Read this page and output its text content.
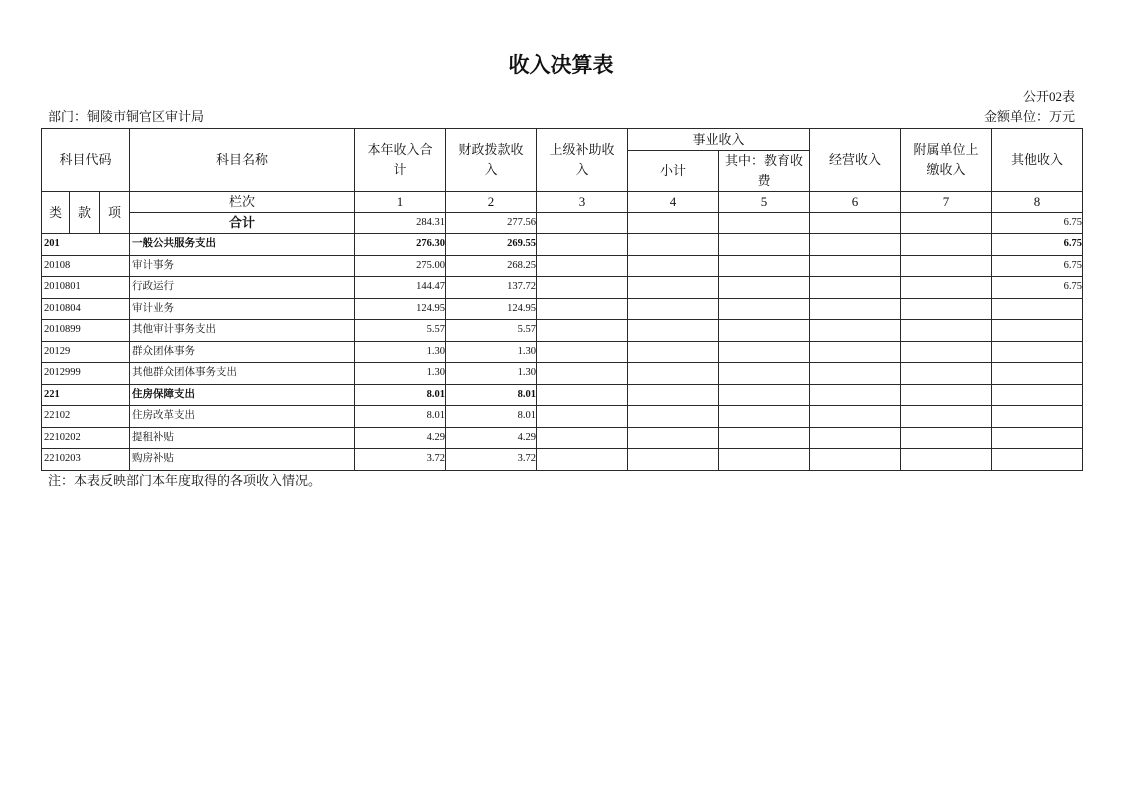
收入决算表
公开02表
部门：铜陵市铜官区审计局	金额单位：万元
科目代码			科目名称	本年收入合计	财政拨款收入	上级补助收入	事业收入		经营收入	附属单位上缴收入	其他收入
							小计	其中：教育收费			
类	款	项	栏次	1	2	3	4	5	6	7	8
			合计	284.31	277.56						6.75
201			一般公共服务支出	276.30	269.55						6.75
20108			审计事务	275.00	268.25						6.75
2010801			行政运行	144.47	137.72						6.75
2010804			审计业务	124.95	124.95						
2010899			其他审计事务支出	5.57	5.57						
20129			群众团体事务	1.30	1.30						
2012999			其他群众团体事务支出	1.30	1.30						
221			住房保障支出	8.01	8.01						
22102			住房改革支出	8.01	8.01						
2210202			提租补贴	4.29	4.29						
2210203			购房补贴	3.72	3.72						
注：本表反映部门本年度取得的各项收入情况。
